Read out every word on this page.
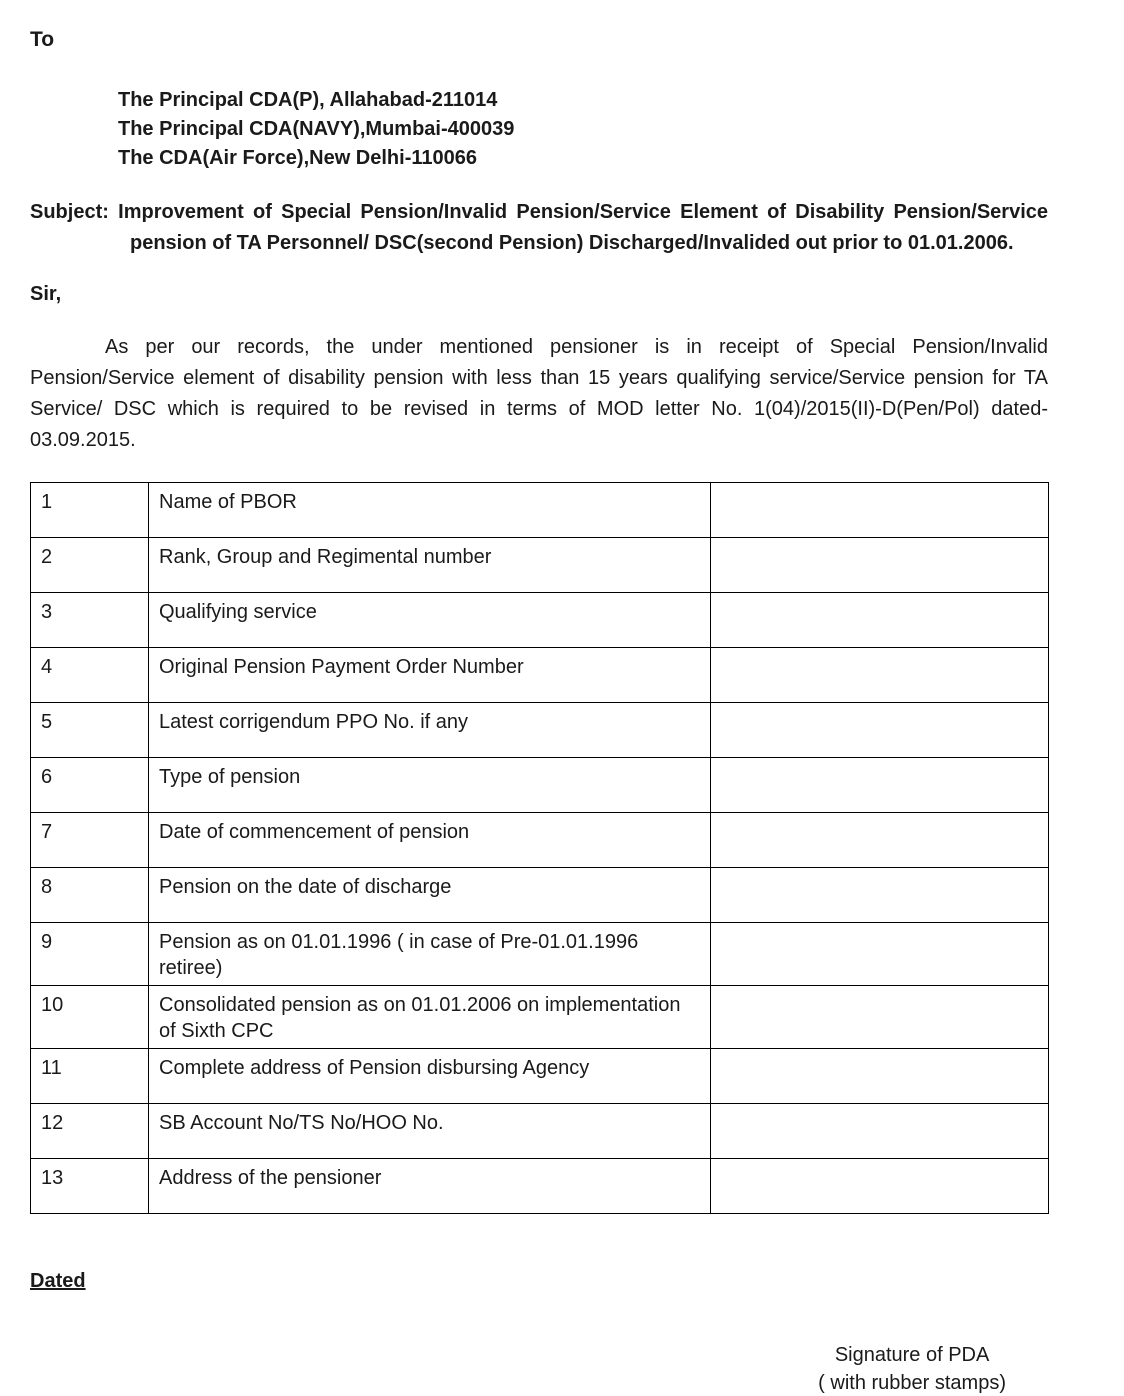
To
The Principal CDA(P), Allahabad-211014
The Principal CDA(NAVY),Mumbai-400039
The CDA(Air Force),New Delhi-110066

Subject: Improvement of Special Pension/Invalid Pension/Service Element of Disability Pension/Service pension of TA Personnel/ DSC(second Pension) Discharged/Invalided out prior to 01.01.2006.

Sir,

As per our records, the under mentioned pensioner is in receipt of Special Pension/Invalid Pension/Service element of disability pension with less than 15 years qualifying service/Service pension for TA Service/ DSC which is required to be revised in terms of MOD letter No. 1(04)/2015(II)-D(Pen/Pol) dated-03.09.2015.

1	Name of PBOR	
2	Rank, Group and Regimental number	
3	Qualifying service	
4	Original Pension Payment Order Number	
5	Latest corrigendum PPO No. if any	
6	Type of pension	
7	Date of commencement of pension	
8	Pension on the date of discharge	
9	Pension as on 01.01.1996 ( in case of Pre-01.01.1996 retiree)	
10	Consolidated pension as on 01.01.2006 on implementation of Sixth CPC	
11	Complete address of Pension disbursing Agency	
12	SB Account No/TS No/HOO No.	
13	Address of the pensioner	
Dated
Signature of PDA
( with rubber stamps)
